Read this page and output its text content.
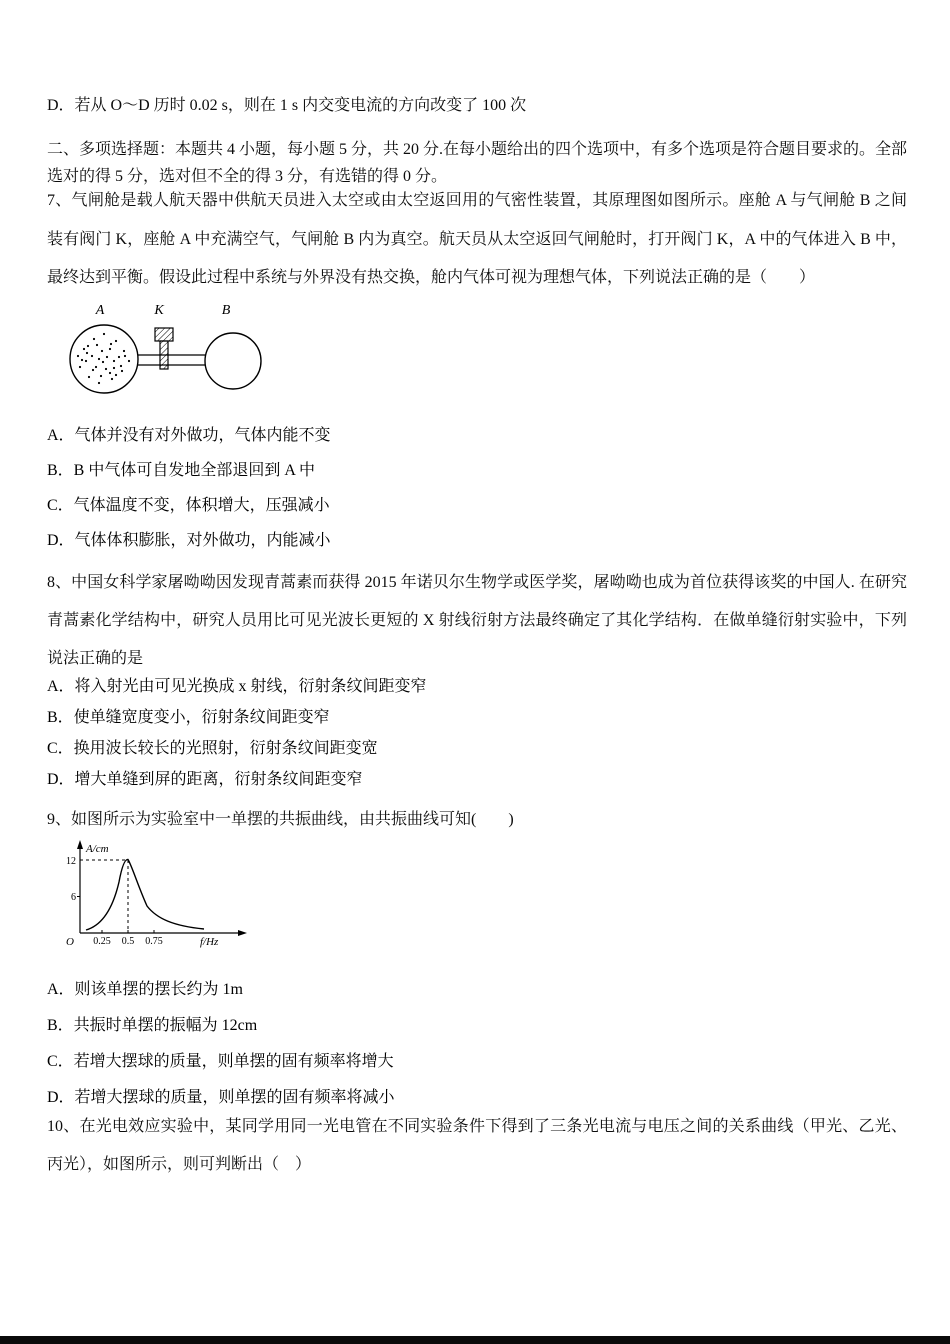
D．若从 O～D 历时 0.02 s，则在 1 s 内交变电流的方向改变了 100 次
二、多项选择题：本题共 4 小题，每小题 5 分，共 20 分.在每小题给出的四个选项中，有多个选项是符合题目要求的。全部选对的得 5 分，选对但不全的得 3 分，有选错的得 0 分。
7、气闸舱是载人航天器中供航天员进入太空或由太空返回用的气密性装置，其原理图如图所示。座舱 A 与气闸舱 B 之间装有阀门 K，座舱 A 中充满空气，气闸舱 B 内为真空。航天员从太空返回气闸舱时，打开阀门 K，A 中的气体进入 B 中，最终达到平衡。假设此过程中系统与外界没有热交换，舱内气体可视为理想气体，下列说法正确的是（　　）
A	K	B
A．气体并没有对外做功，气体内能不变
B．B 中气体可自发地全部退回到 A 中
C．气体温度不变，体积增大，压强减小
D．气体体积膨胀，对外做功，内能减小
8、中国女科学家屠呦呦因发现青蒿素而获得 2015 年诺贝尔生物学或医学奖，屠呦呦也成为首位获得该奖的中国人. 在研究青蒿素化学结构中，研究人员用比可见光波长更短的 X 射线衍射方法最终确定了其化学结构．在做单缝衍射实验中，下列说法正确的是
A．将入射光由可见光换成 x 射线，衍射条纹间距变窄
B．使单缝宽度变小，衍射条纹间距变窄
C．换用波长较长的光照射，衍射条纹间距变宽
D．增大单缝到屏的距离，衍射条纹间距变窄
9、如图所示为实验室中一单摆的共振曲线，由共振曲线可知(　　)
A/cm
f/Hz
O
12
6
0.25 0.5 0.75
A．则该单摆的摆长约为 1m
B．共振时单摆的振幅为 12cm
C．若增大摆球的质量，则单摆的固有频率将增大
D．若增大摆球的质量，则单摆的固有频率将减小
10、在光电效应实验中，某同学用同一光电管在不同实验条件下得到了三条光电流与电压之间的关系曲线（甲光、乙光、丙光），如图所示，则可判断出（　）
